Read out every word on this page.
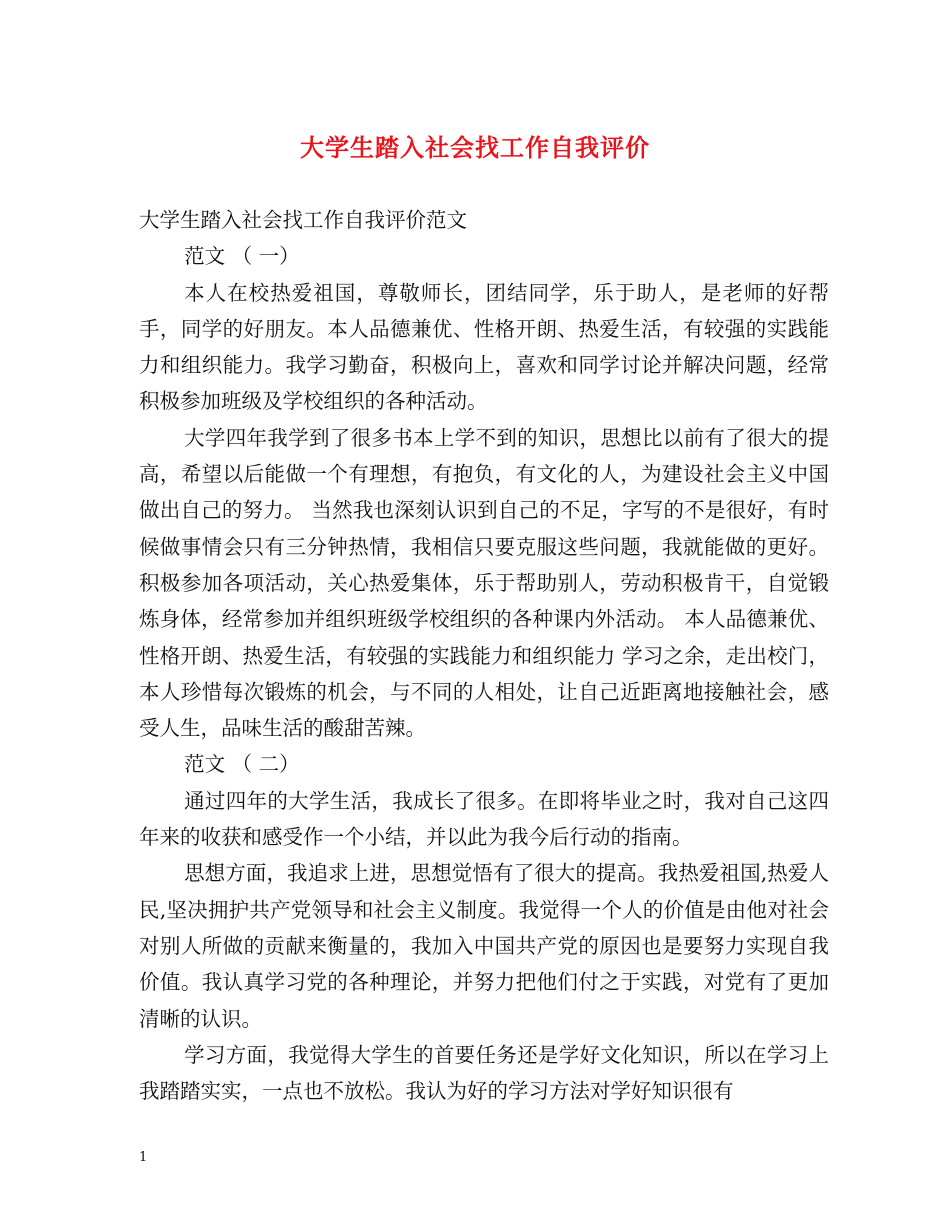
大学生踏入社会找工作自我评价

大学生踏入社会找工作自我评价范文

范文 （ 一）

本人在校热爱祖国，尊敬师长，团结同学，乐于助人，是老师的好帮手，同学的好朋友。本人品德兼优、性格开朗、热爱生活，有较强的实践能力和组织能力。我学习勤奋，积极向上，喜欢和同学讨论并解决问题，经常积极参加班级及学校组织的各种活动。

大学四年我学到了很多书本上学不到的知识，思想比以前有了很大的提高，希望以后能做一个有理想，有抱负，有文化的人，为建设社会主义中国做出自己的努力。 当然我也深刻认识到自己的不足，字写的不是很好，有时候做事情会只有三分钟热情，我相信只要克服这些问题，我就能做的更好。 积极参加各项活动，关心热爱集体，乐于帮助别人，劳动积极肯干，自觉锻炼身体，经常参加并组织班级学校组织的各种课内外活动。 本人品德兼优、性格开朗、热爱生活，有较强的实践能力和组织能力 学习之余，走出校门，本人珍惜每次锻炼的机会，与不同的人相处，让自己近距离地接触社会，感受人生，品味生活的酸甜苦辣。

范文 （ 二）

通过四年的大学生活，我成长了很多。在即将毕业之时，我对自己这四年来的收获和感受作一个小结，并以此为我今后行动的指南。

思想方面，我追求上进，思想觉悟有了很大的提高。我热爱祖国,热爱人民,坚决拥护共产党领导和社会主义制度。我觉得一个人的价值是由他对社会对别人所做的贡献来衡量的，我加入中国共产党的原因也是要努力实现自我价值。我认真学习党的各种理论，并努力把他们付之于实践，对党有了更加清晰的认识。

学习方面，我觉得大学生的首要任务还是学好文化知识，所以在学习上我踏踏实实，一点也不放松。我认为好的学习方法对学好知识很有

1
